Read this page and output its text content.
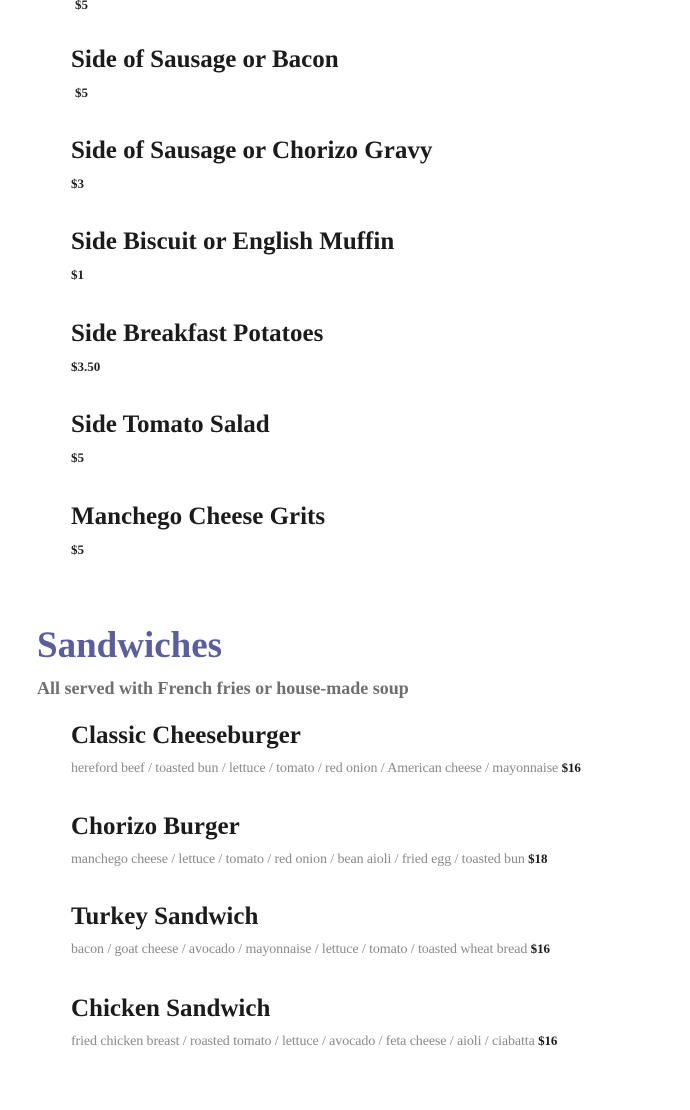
$5
Side of Sausage or Bacon
$5
Side of Sausage or Chorizo Gravy
$3
Side Biscuit or English Muffin
$1
Side Breakfast Potatoes
$3.50
Side Tomato Salad
$5
Manchego Cheese Grits
$5
Sandwiches

All served with French fries or house-made soup

Classic Cheeseburger
hereford beef / toasted bun / lettuce / tomato / red onion / American cheese / mayonnaise $16
Chorizo Burger
manchego cheese / lettuce / tomato / red onion / bean aioli / fried egg / toasted bun $18
Turkey Sandwich
bacon / goat cheese / avocado / mayonnaise / lettuce / tomato / toasted wheat bread $16
Chicken Sandwich
fried chicken breast / roasted tomato / lettuce / avocado / feta cheese / aioli / ciabatta $16
